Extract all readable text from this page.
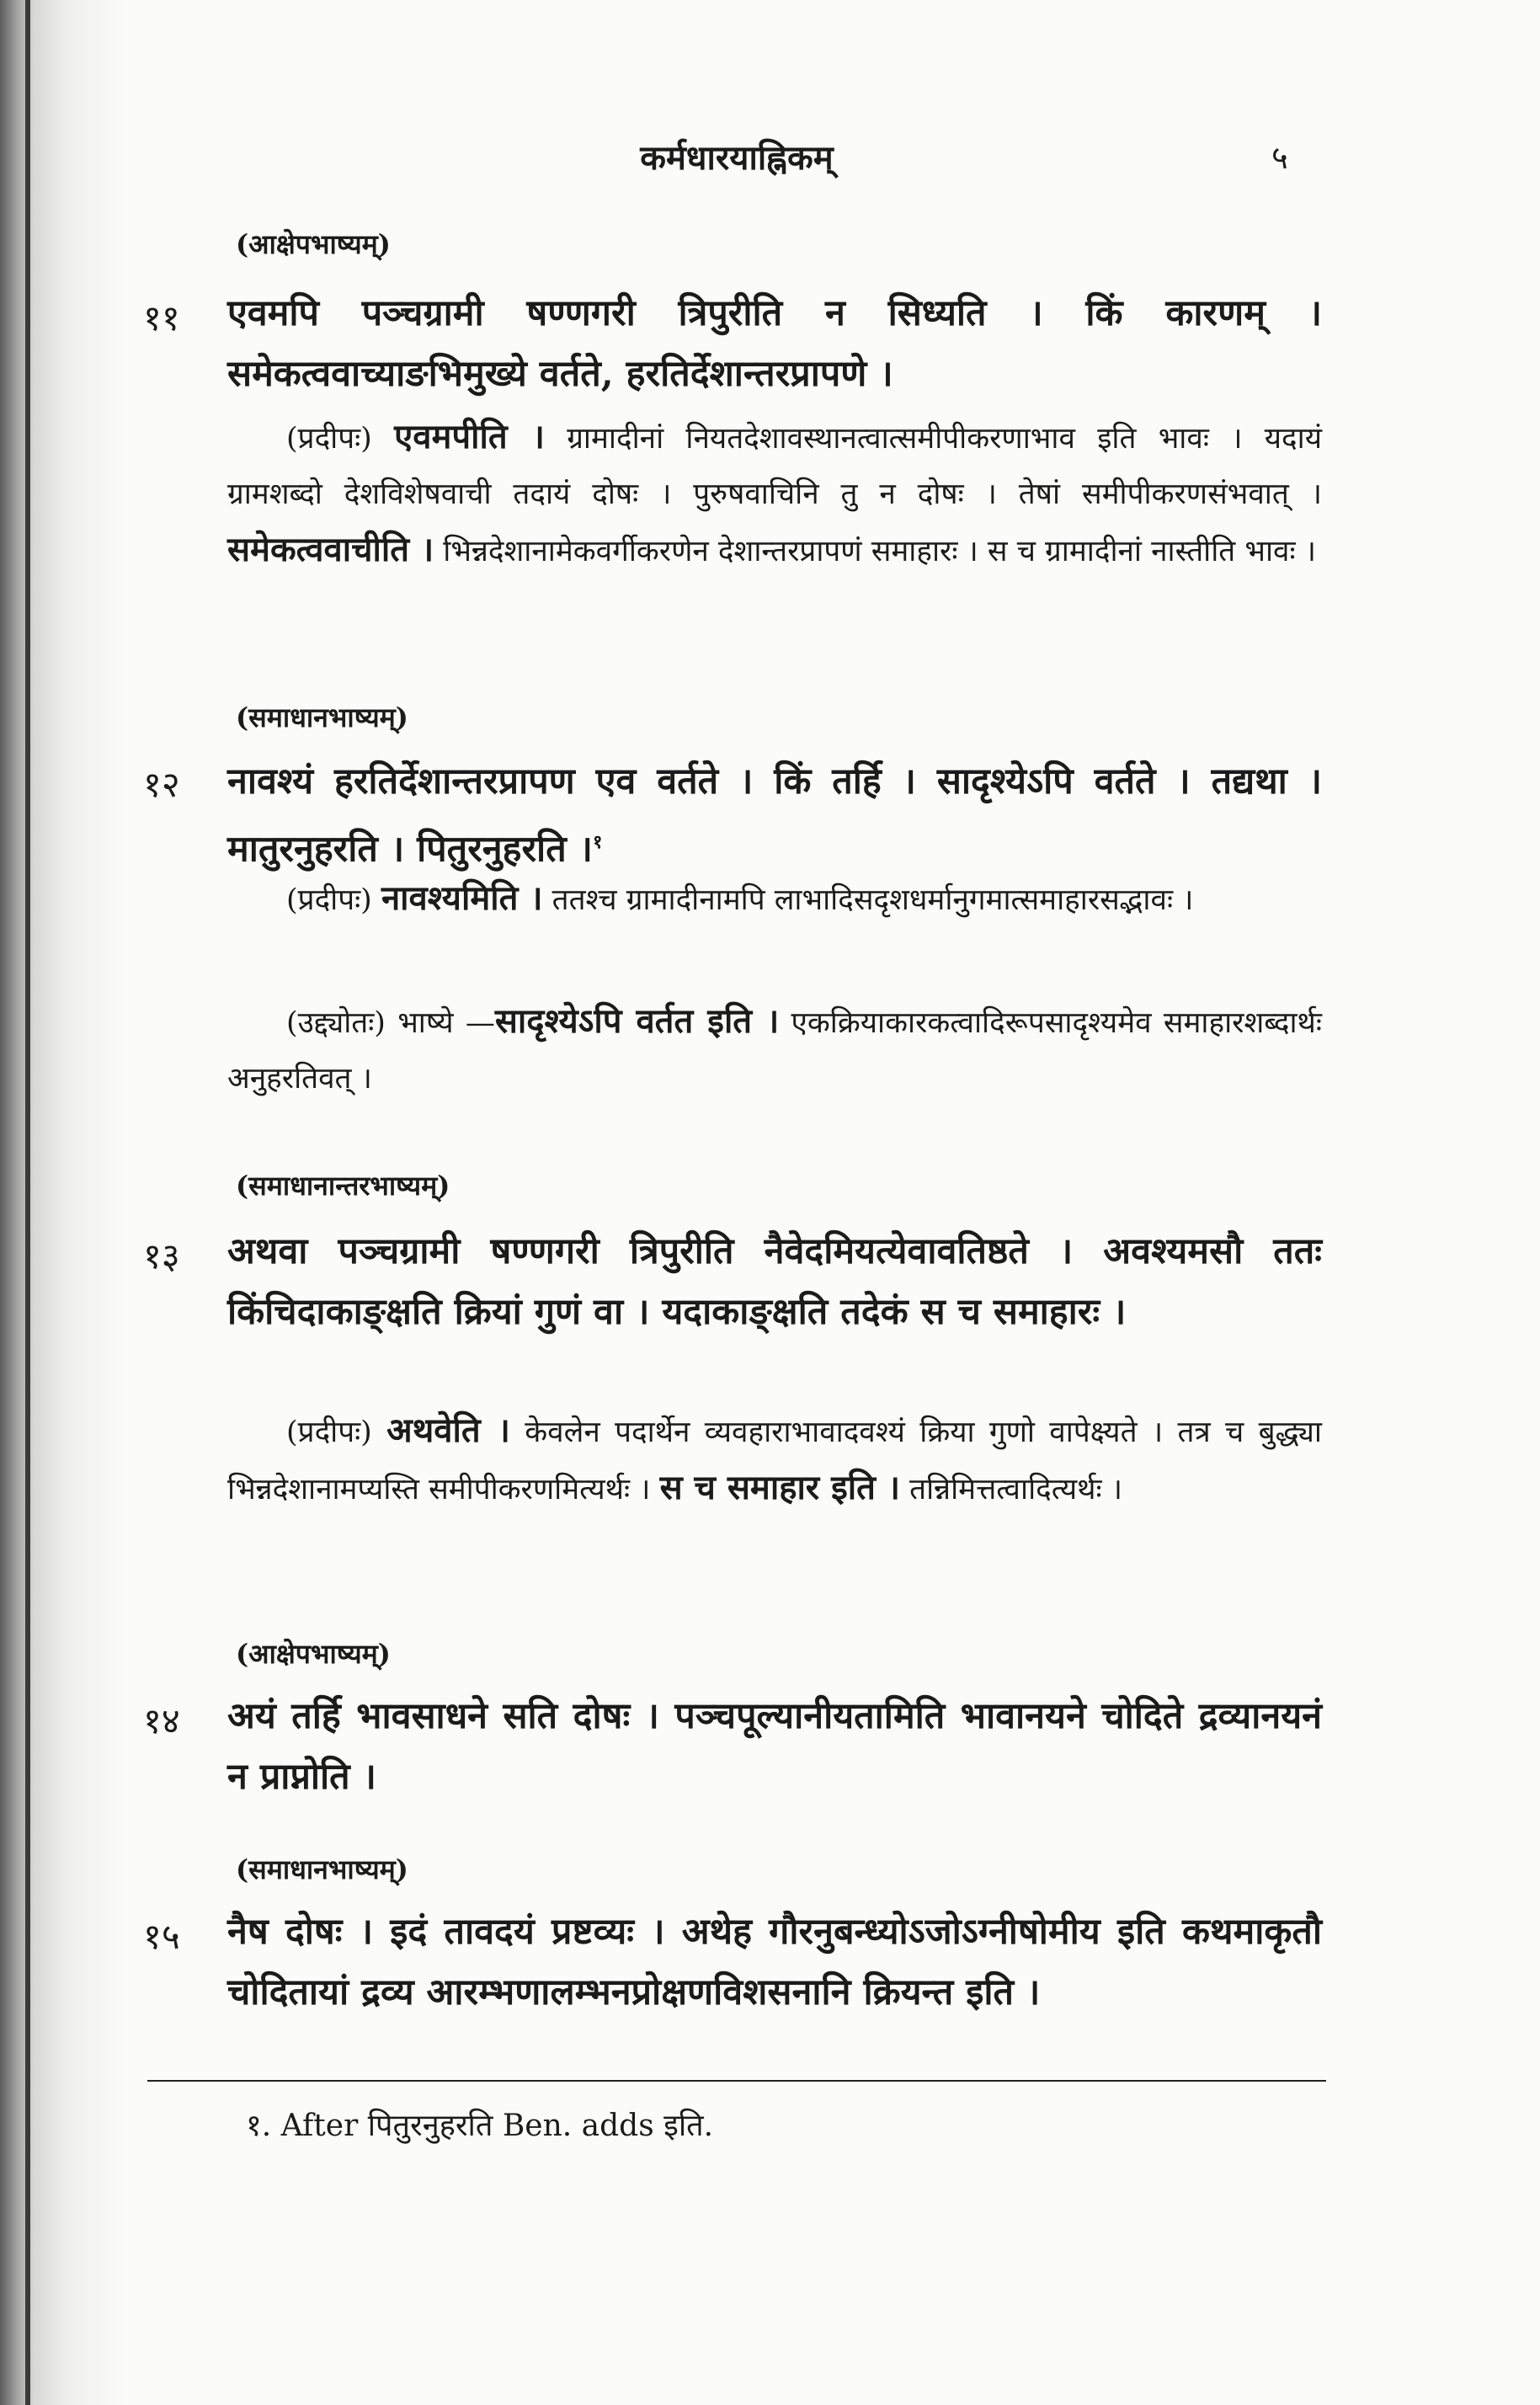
कर्मधारयाह्निकम्	५
(आक्षेपभाष्यम्)
११ एवमपि पञ्चग्रामी षण्णगरी त्रिपुरीति न सिध्यति । किं कारणम् । समेकत्ववाच्याङभिमुख्ये वर्तते, हरतिर्देशान्तरप्रापणे ।
(प्रदीपः) एवमपीति । ग्रामादीनां नियतदेशावस्थानत्वात्समीपीकरणाभाव इति भावः । यदायं ग्रामशब्दो देशविशेषवाची तदायं दोषः । पुरुषवाचिनि तु न दोषः । तेषां समीपीकरणसंभवात् । समेकत्ववाचीति । भिन्नदेशानामेकवर्गीकरणेन देशान्तरप्रापणं समाहारः । स च ग्रामादीनां नास्तीति भावः ।
(समाधानभाष्यम्)
१२ नावश्यं हरतिर्देशान्तरप्रापण एव वर्तते । किं तर्हि । सादृश्येऽपि वर्तते । तद्यथा । मातुरनुहरति । पितुरनुहरति ।$^१$
(प्रदीपः) नावश्यमिति । ततश्च ग्रामादीनामपि लाभादिसदृशधर्मानुगमात्समाहारसद्भावः ।
(उद्द्योतः) भाष्ये —सादृश्येऽपि वर्तत इति । एकक्रियाकारकत्वादिरूपसादृश्यमेव समाहारशब्दार्थः अनुहरतिवत् ।
(समाधानान्तरभाष्यम्)
१३ अथवा पञ्चग्रामी षण्णगरी त्रिपुरीति नैवेदमियत्येवावतिष्ठते । अवश्यमसौ ततः किंचिदाकाङ्क्षति क्रियां गुणं वा । यदाकाङ्क्षति तदेकं स च समाहारः ।
(प्रदीपः) अथवेति । केवलेन पदार्थेन व्यवहाराभावादवश्यं क्रिया गुणो वापेक्ष्यते । तत्र च बुद्ध्या भिन्नदेशानामप्यस्ति समीपीकरणमित्यर्थः । स च समाहार इति । तन्निमित्तत्वादित्यर्थः ।
(आक्षेपभाष्यम्)
१४ अयं तर्हि भावसाधने सति दोषः । पञ्चपूल्यानीयतामिति भावानयने चोदिते द्रव्यानयनं न प्राप्नोति ।
(समाधानभाष्यम्)
१५ नैष दोषः । इदं तावदयं प्रष्टव्यः । अथेह गौरनुबन्ध्योऽजोऽग्नीषोमीय इति कथमाकृतौ चोदितायां द्रव्य आरम्भणालम्भनप्रोक्षणविशसनानि क्रियन्त इति ।
१. After पितुरनुहरति Ben. adds इति.
